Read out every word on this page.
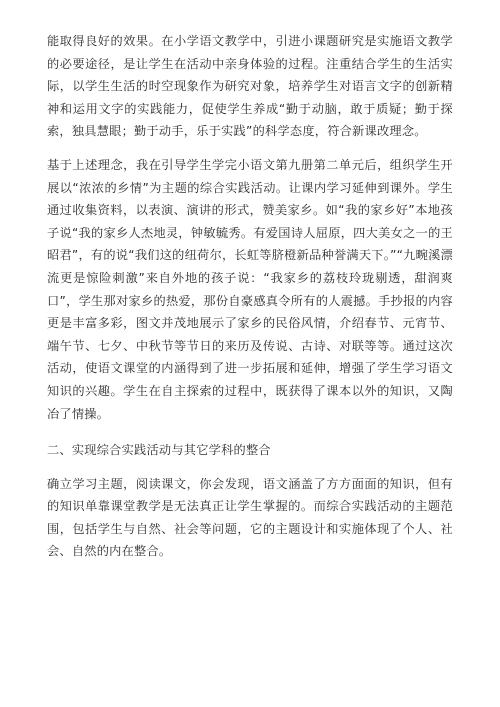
能取得良好的效果。在小学语文教学中，引进小课题研究是实施语文教学的必要途径，是让学生在活动中亲身体验的过程。注重结合学生的生活实际，以学生生活的时空现象作为研究对象，培养学生对语言文字的创新精神和运用文字的实践能力，促使学生养成“勤于动脑，敢于质疑；勤于探索，独具慧眼；勤于动手，乐于实践”的科学态度，符合新课改理念。

基于上述理念，我在引导学生学完小语文第九册第二单元后，组织学生开展以“浓浓的乡情”为主题的综合实践活动。让课内学习延伸到课外。学生通过收集资料，以表演、演讲的形式，赞美家乡。如“我的家乡好”本地孩子说“我的家乡人杰地灵，钟敏毓秀。有爱国诗人屈原，四大美女之一的王昭君”，有的说“我们这的纽荷尔，长虹等脐橙新品种誉满天下。”“九畹溪漂流更是惊险刺激”来自外地的孩子说：“我家乡的荔枝玲珑剔透，甜润爽口”，学生那对家乡的热爱，那份自豪感真令所有的人震撼。手抄报的内容更是丰富多彩，图文并茂地展示了家乡的民俗风情，介绍春节、元宵节、端午节、七夕、中秋节等节日的来历及传说、古诗、对联等等。通过这次活动，使语文课堂的内涵得到了进一步拓展和延伸，增强了学生学习语文知识的兴趣。学生在自主探索的过程中，既获得了课本以外的知识，又陶冶了情操。

二、实现综合实践活动与其它学科的整合

确立学习主题，阅读课文，你会发现，语文涵盖了方方面面的知识，但有的知识单靠课堂教学是无法真正让学生掌握的。而综合实践活动的主题范围，包括学生与自然、社会等问题，它的主题设计和实施体现了个人、社会、自然的内在整合。
